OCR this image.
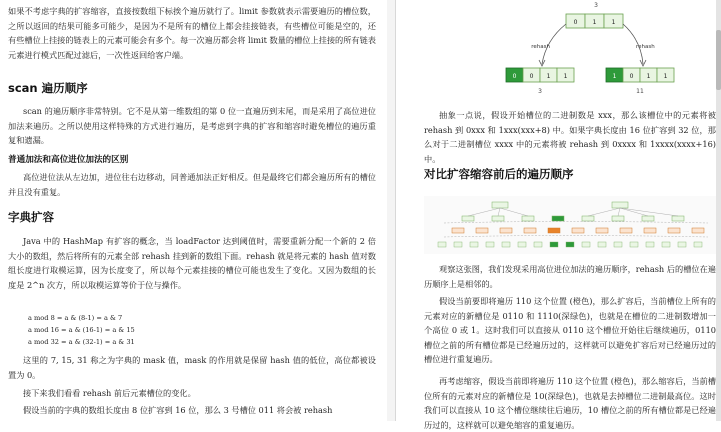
如果不考虑字典的扩容缩容，直接按数组下标挨个遍历就行了。limit 参数就表示需要遍历的槽位数，之所以返回的结果可能多可能少，是因为不是所有的槽位上都会挂接链表，有些槽位可能是空的，还有些槽位上挂接的链表上的元素可能会有多个。每一次遍历都会将 limit 数量的槽位上挂接的所有链表元素进行模式匹配过滤后，一次性返回给客户端。

scan 遍历顺序

scan 的遍历顺序非常特别。它不是从第一维数组的第 0 位一直遍历到末尾，而是采用了高位进位加法来遍历。之所以使用这样特殊的方式进行遍历，是考虑到字典的扩容和缩容时避免槽位的遍历重复和遗漏。

普通加法和高位进位加法的区别

高位进位法从左边加，进位往右边移动，同普通加法正好相反。但是最终它们都会遍历所有的槽位并且没有重复。

字典扩容

Java 中的 HashMap 有扩容的概念，当 loadFactor 达到阈值时，需要重新分配一个新的 2 倍大小的数组，然后将所有的元素全部 rehash 挂到新的数组下面。rehash 就是将元素的 hash 值对数组长度进行取模运算，因为长度变了，所以每个元素挂接的槽位可能也发生了变化。又因为数组的长度是 2^n 次方，所以取模运算等价于位与操作。

a mod 8 = a & (8-1) = a & 7
a mod 16 = a & (16-1) = a & 15
a mod 32 = a & (32-1) = a & 31

这里的 7, 15, 31 称之为字典的 mask 值，mask 的作用就是保留 hash 值的低位，高位都被设置为 0。

接下来我们看看 rehash 前后元素槽位的变化。

假设当前的字典的数组长度由 8 位扩容到 16 位，那么 3 号槽位 011 将会被 rehash

3
0	1	1
rehash	rehash
0 0 1 1	1 0 1 1
3	11

抽象一点说，假设开始槽位的二进制数是 xxx，那么该槽位中的元素将被 rehash 到 0xxx 和 1xxx(xxx+8) 中。如果字典长度由 16 位扩容到 32 位，那么对于二进制槽位 xxxx 中的元素将被 rehash 到 0xxxx 和 1xxxx(xxxx+16) 中。

对比扩容缩容前后的遍历顺序

观察这张图，我们发现采用高位进位加法的遍历顺序，rehash 后的槽位在遍历顺序上是相邻的。

假设当前要即将遍历 110 这个位置 (橙色)，那么扩容后，当前槽位上所有的元素对应的新槽位是 0110 和 1110(深绿色)，也就是在槽位的二进制数增加一个高位 0 或 1。这时我们可以直接从 0110 这个槽位开始往后继续遍历，0110 槽位之前的所有槽位都是已经遍历过的，这样就可以避免扩容后对已经遍历过的槽位进行重复遍历。

再考虑缩容，假设当前即将遍历 110 这个位置 (橙色)，那么缩容后，当前槽位所有的元素对应的新槽位是 10(深绿色)，也就是去掉槽位二进制最高位。这时我们可以直接从 10 这个槽位继续往后遍历，10 槽位之前的所有槽位都是已经遍历过的，这样就可以避免缩容的重复遍历。
